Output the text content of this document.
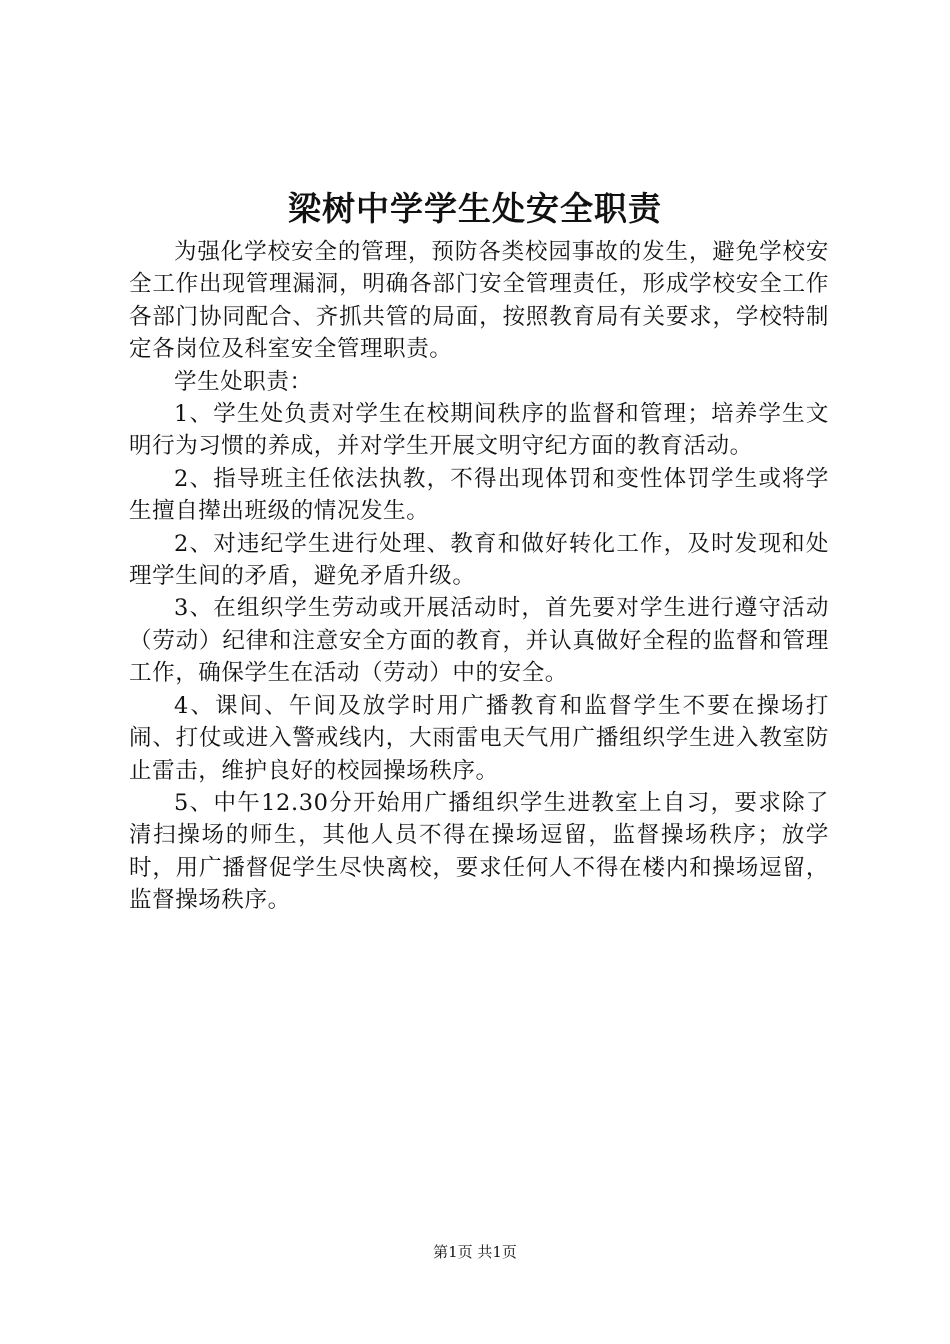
梁树中学学生处安全职责

为强化学校安全的管理，预防各类校园事故的发生，避免学校安全工作出现管理漏洞，明确各部门安全管理责任，形成学校安全工作各部门协同配合、齐抓共管的局面，按照教育局有关要求，学校特制定各岗位及科室安全管理职责。

学生处职责：

1、学生处负责对学生在校期间秩序的监督和管理；培养学生文明行为习惯的养成，并对学生开展文明守纪方面的教育活动。

2、指导班主任依法执教，不得出现体罚和变性体罚学生或将学生擅自撵出班级的情况发生。

2、对违纪学生进行处理、教育和做好转化工作，及时发现和处理学生间的矛盾，避免矛盾升级。

3、在组织学生劳动或开展活动时，首先要对学生进行遵守活动（劳动）纪律和注意安全方面的教育，并认真做好全程的监督和管理工作，确保学生在活动（劳动）中的安全。

4、课间、午间及放学时用广播教育和监督学生不要在操场打闹、打仗或进入警戒线内，大雨雷电天气用广播组织学生进入教室防止雷击，维护良好的校园操场秩序。

5、中午12.30分开始用广播组织学生进教室上自习，要求除了清扫操场的师生，其他人员不得在操场逗留，监督操场秩序；放学时，用广播督促学生尽快离校，要求任何人不得在楼内和操场逗留，监督操场秩序。

第1页 共1页
